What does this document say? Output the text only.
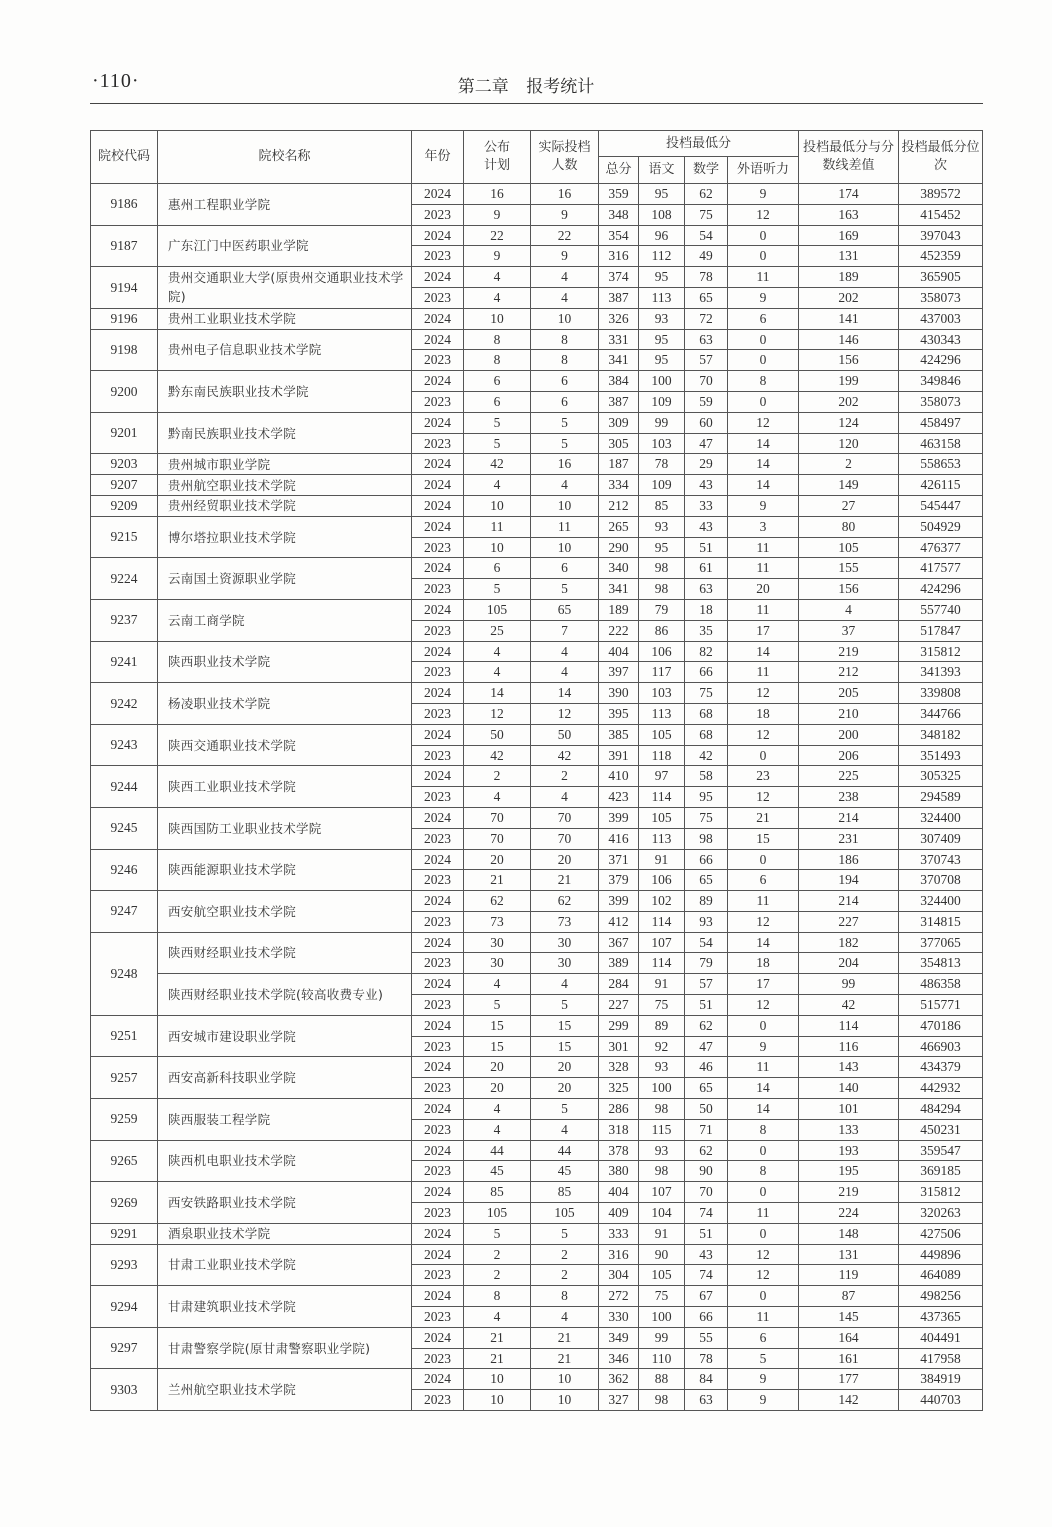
·110·	第二章 报考统计
院校代码	院校名称	年份	公布计划	实际投档人数	投档最低分				投档最低分与分数线差值	投档最低分位次

					总分	语文	数学	外语听力		
9186	惠州工程职业学院	2024	16	16	359	95	62	9	174	389572
		2023	9	9	348	108	75	12	163	415452
9187	广东江门中医药职业学院	2024	22	22	354	96	54	0	169	397043
		2023	9	9	316	112	49	0	131	452359
9194	贵州交通职业大学(原贵州交通职业技术学院)	2024	4	4	374	95	78	11	189	365905
		2023	4	4	387	113	65	9	202	358073
9196	贵州工业职业技术学院	2024	10	10	326	93	72	6	141	437003
9198	贵州电子信息职业技术学院	2024	8	8	331	95	63	0	146	430343
		2023	8	8	341	95	57	0	156	424296
9200	黔东南民族职业技术学院	2024	6	6	384	100	70	8	199	349846
		2023	6	6	387	109	59	0	202	358073
9201	黔南民族职业技术学院	2024	5	5	309	99	60	12	124	458497
		2023	5	5	305	103	47	14	120	463158
9203	贵州城市职业学院	2024	42	16	187	78	29	14	2	558653
9207	贵州航空职业技术学院	2024	4	4	334	109	43	14	149	426115
9209	贵州经贸职业技术学院	2024	10	10	212	85	33	9	27	545447
9215	博尔塔拉职业技术学院	2024	11	11	265	93	43	3	80	504929
		2023	10	10	290	95	51	11	105	476377
9224	云南国土资源职业学院	2024	6	6	340	98	61	11	155	417577
		2023	5	5	341	98	63	20	156	424296
9237	云南工商学院	2024	105	65	189	79	18	11	4	557740
		2023	25	7	222	86	35	17	37	517847
9241	陕西职业技术学院	2024	4	4	404	106	82	14	219	315812
		2023	4	4	397	117	66	11	212	341393
9242	杨凌职业技术学院	2024	14	14	390	103	75	12	205	339808
		2023	12	12	395	113	68	18	210	344766
9243	陕西交通职业技术学院	2024	50	50	385	105	68	12	200	348182
		2023	42	42	391	118	42	0	206	351493
9244	陕西工业职业技术学院	2024	2	2	410	97	58	23	225	305325
		2023	4	4	423	114	95	12	238	294589
9245	陕西国防工业职业技术学院	2024	70	70	399	105	75	21	214	324400
		2023	70	70	416	113	98	15	231	307409
9246	陕西能源职业技术学院	2024	20	20	371	91	66	0	186	370743
		2023	21	21	379	106	65	6	194	370708
9247	西安航空职业技术学院	2024	62	62	399	102	89	11	214	324400
		2023	73	73	412	114	93	12	227	314815
9248	陕西财经职业技术学院	2024	30	30	367	107	54	14	182	377065
		2023	30	30	389	114	79	18	204	354813
	陕西财经职业技术学院(较高收费专业)	2024	4	4	284	91	57	17	99	486358
		2023	5	5	227	75	51	12	42	515771
9251	西安城市建设职业学院	2024	15	15	299	89	62	0	114	470186
		2023	15	15	301	92	47	9	116	466903
9257	西安高新科技职业学院	2024	20	20	328	93	46	11	143	434379
		2023	20	20	325	100	65	14	140	442932
9259	陕西服装工程学院	2024	4	5	286	98	50	14	101	484294
		2023	4	4	318	115	71	8	133	450231
9265	陕西机电职业技术学院	2024	44	44	378	93	62	0	193	359547
		2023	45	45	380	98	90	8	195	369185
9269	西安铁路职业技术学院	2024	85	85	404	107	70	0	219	315812
		2023	105	105	409	104	74	11	224	320263
9291	酒泉职业技术学院	2024	5	5	333	91	51	0	148	427506
9293	甘肃工业职业技术学院	2024	2	2	316	90	43	12	131	449896
		2023	2	2	304	105	74	12	119	464089
9294	甘肃建筑职业技术学院	2024	8	8	272	75	67	0	87	498256
		2023	4	4	330	100	66	11	145	437365
9297	甘肃警察学院(原甘肃警察职业学院)	2024	21	21	349	99	55	6	164	404491
		2023	21	21	346	110	78	5	161	417958
9303	兰州航空职业技术学院	2024	10	10	362	88	84	9	177	384919
		2023	10	10	327	98	63	9	142	440703
